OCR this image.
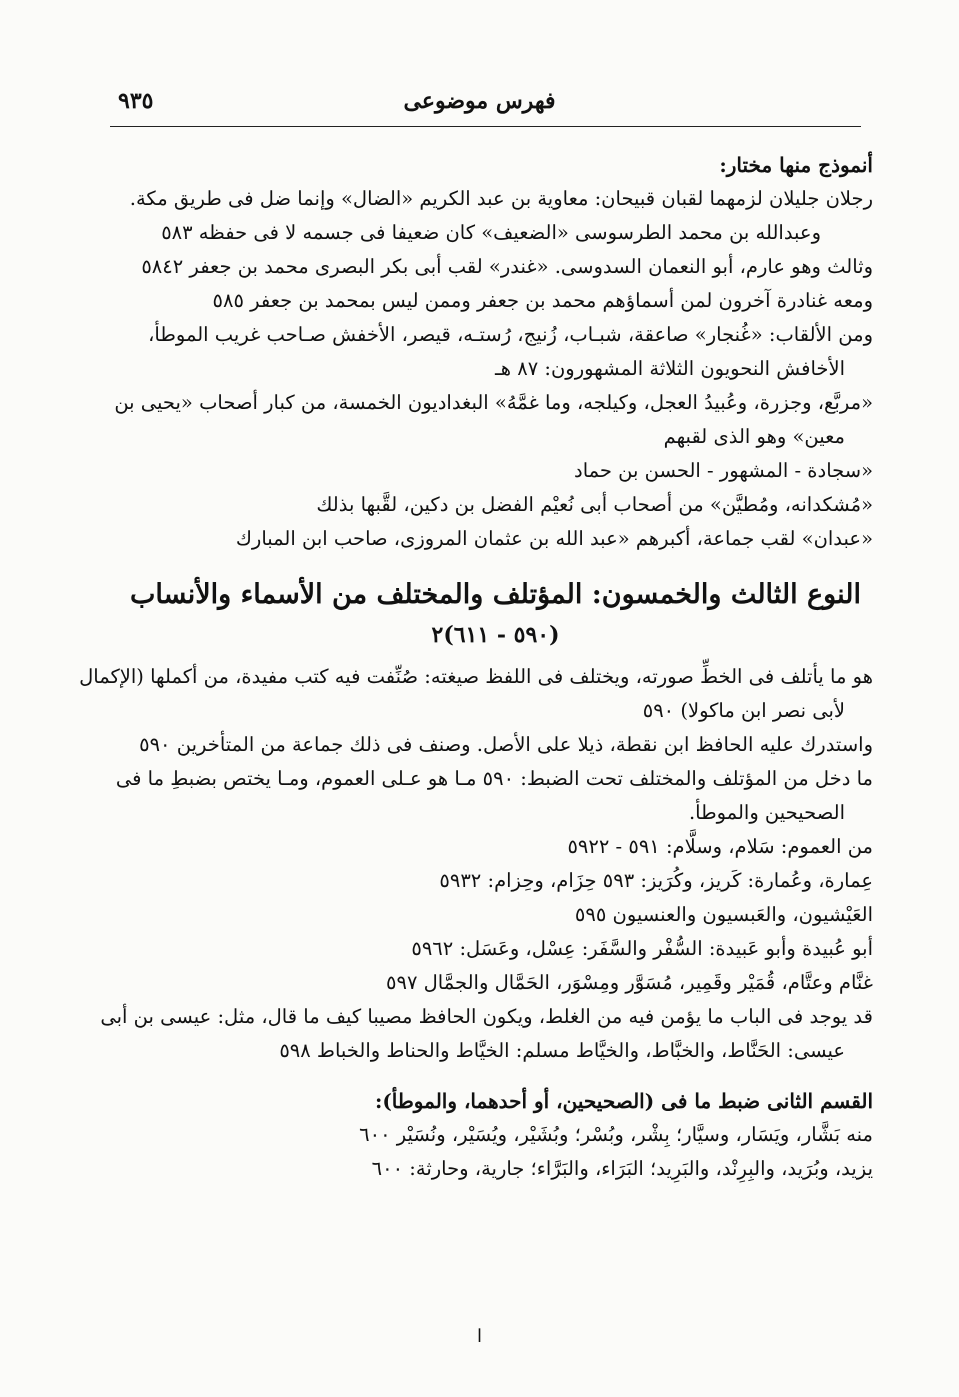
٩٣٥	فهرس موضوعى
أنموذج منها مختار:
رجلان جليلان لزمهما لقبان قبيحان: معاوية بن عبد الكريم «الضال» وإنما ضل فى طريق مكة.
وعبدالله بن محمد الطرسوسى «الضعيف» كان ضعيفا فى جسمه لا فى حفظه ٥٨٣
وثالث وهو عارم، أبو النعمان السدوسى. «غندر» لقب أبى بكر البصرى محمد بن جعفر ٥٨٤٢
ومعه غنادرة آخرون لمن أسماؤهم محمد بن جعفر وممن ليس بمحمد بن جعفر ٥٨٥
ومن الألقاب: «غُنجار» صاعقة، شبـاب، زُنيج، رُستـه، قيصر، الأخفش صـاحب غريب الموطأ،
الأخافش النحويون الثلاثة المشهورون: ٨٧ هـ
«مربَّع، وجزرة، وعُبيدُ العجل، وكيلجه، وما غمَّهُ» البغداديون الخمسة، من كبار أصحاب «يحيى بن
معين» وهو الذى لقبهم
«سجادة - المشهور - الحسن بن حماد
«مُشكدانه، ومُطيَّن» من أصحاب أبى نُعيْم الفضل بن دكين، لقَّبها بذلك
«عبدان» لقب جماعة، أكبرهم «عبد الله بن عثمان المروزى، صاحب ابن المبارك
النوع الثالث والخمسون: المؤتلف والمختلف من الأسماء والأنساب
(٥٩٠ - ٦١١)٢
هو ما يأتلف فى الخطِّ صورته، ويختلف فى اللفظ صيغته: صُنِّفت فيه كتب مفيدة، من أكملها (الإكمال
لأبى نصر ابن ماكولا) ٥٩٠
واستدرك عليه الحافظ ابن نقطة، ذيلا على الأصل. وصنف فى ذلك جماعة من المتأخرين ٥٩٠
ما دخل من المؤتلف والمختلف تحت الضبط: ٥٩٠ مـا هو عـلى العموم، ومـا يختص بضبطِ ما فى
الصحيحين والموطأ.
من العموم: سَلام، وسلَّام: ٥٩١ - ٥٩٢٢
عِمارة، وعُمارة: كَريز، وكُرَيز: ٥٩٣ حِزَام، وحِزام: ٥٩٣٢
العَيْشيون، والعَبسيون والعنسيون ٥٩٥
أبو عُبيدة وأبو عَبيدة: السُّفْر والسَّفَر: عِسْل، وعَسَل: ٥٩٦٢
غنَّام وعتَّام، قُمَيْر وقَمِير، مُسَوَّر ومِسْوَر، الحَمَّال والجمَّال ٥٩٧
قد يوجد فى الباب ما يؤمن فيه من الغلط، ويكون الحافظ مصيبا كيف ما قال، مثل: عيسى بن أبى
عيسى: الحَنَّاط، والخبَّاط، والخيَّاط مسلم: الخيَّاط والحناط والخباط ٥٩٨
القسم الثانى ضبط ما فى (الصحيحين، أو أحدهما، والموطأ):
منه بَشَّار، ويَسَار، وسيَّار؛ بِشْر، وبُسْر؛ وبُشَيْر، ويُسَيْر، ونُسَيْر ٦٠٠
يزيد، وبُرَيد، والبِرِنْد، والبَرِيد؛ البَرَاء، والبَرَّاء؛ جارية، وحارثة: ٦٠٠
ا
